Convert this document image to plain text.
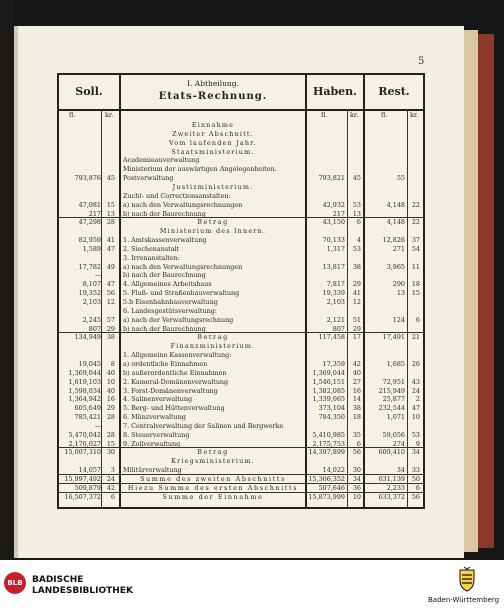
5
Soll.
I. Abtheilung.
Etats-Rechnung.	Haben.	Rest.
fl.	kr.	fl.	kr.	fl.	kr.
Einnahme
Zweiter Abschnitt.
Vom laufenden Jahr.
Staatsministerium.
Academieauverwaltung
Ministerium der auswärtigen Angelegenheiten.
Postverwaltung
793,876 45	793,821	45	55
Justizministerium.
Zucht- und Correctionsanstalten:
a) nach den Verwaltungsrechnungen
47,081 15	42,932	53	4,148	22
b) nach der Baurechnung
217 13	217	13
Betrag
47,298 28	43,150	6	4,148	22
Ministerium des Innern.
1. Amtskassenverwaltung
82,959 41	70,133	4	12,826	37
2. Siechenanstalt
1,589 47	1,317	53	271	54
3. Irrenanstalten:
a) nach den Verwaltungsrechnungen
17,782 49	13,817	38	3,965	11
b) nach der Baurechnung
—
4. Allgemeines Arbeitshaus
8,107 47	7,817	29	290	18
5. Fluß- und Straßenbauverwaltung
19,352 56	19,339	41	13	15
5.b Eisenbahnbauverwaltung
2,103 12	2,103	12
6. Landesgestütsverwaltung:
a) nach der Verwaltungsrechnung
2,245 57	2,121	51	124	6
b) nach der Baurechnung
807 29	807	29
Betrag
134,949 38	117,458	17	17,491	21
Finanzministerium.
1. Allgemeine Kassenverwaltung:
a) ordentliche Einnahmen
19,045	8	17,359	42	1,685	26
b) außerordentliche Einnahmen
1,369,044 40	1,369,044	40
2. Kameral-Domänenverwaltung
1,619,103 10	1,546,151	27	72,951	43
3. Forst-Domänenverwaltung
1,598,034 40	1,382,085	16	215,949	24
4. Salinenverwaltung
1,364,942 16	1,339,065	14	25,877	2
5. Berg- und Hüttenverwaltung
605,649 29	373,104	38	232,544	47
6. Münzverwaltung
785,421 28	784,350	18	1,071	10
7. Centralverwaltung der Salinen und Bergwerke
—
8. Steuerverwaltung
5,470,042 28	5,410,985	35	59,056	53
9. Zollverwaltung
2,176,027 15	2,175,753	6	274	9
Betrag
15,007,310 30	14,397,899	56	609,410	34
Kriegsministerium.
Militärverwaltung
14,057	3	14,022	30	34	33
Summe des zweiten Abschnitts
15,997,492 24	15,366,352	34	631,139	50
Hiezu Summe des ersten Abschnitts
509,879 42	507,646	36	2,233	6
Summe der Einnahme
16,507,372	6	15,873,999	10	633,372	56
BLB	BADISCHE
LANDESBIBLIOTHEK
Baden-Württemberg
